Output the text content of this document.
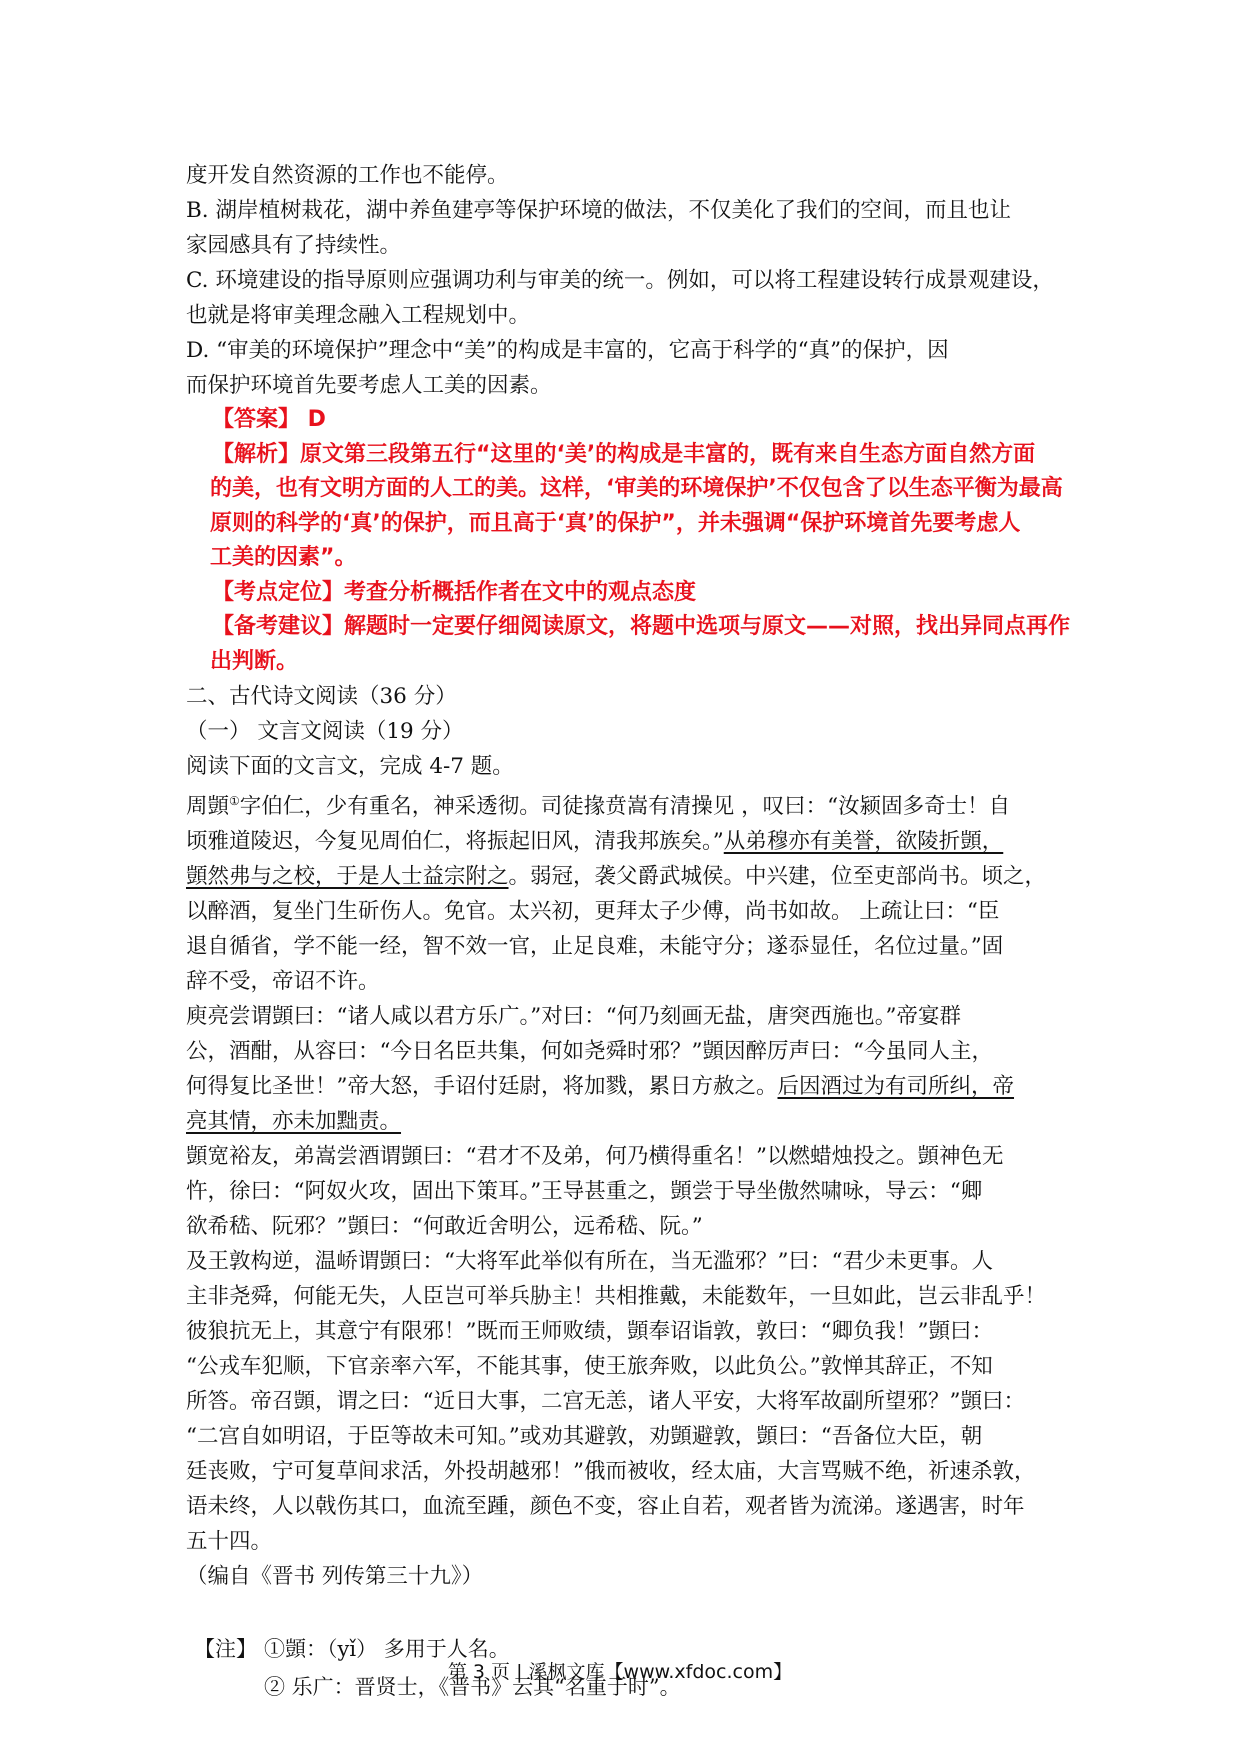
度开发自然资源的工作也不能停。

B. 湖岸植树栽花，湖中养鱼建亭等保护环境的做法，不仅美化了我们的空间，而且也让

家园感具有了持续性。

C. 环境建设的指导原则应强调功利与审美的统一。例如，可以将工程建设转行成景观建设，

也就是将审美理念融入工程规划中。

D. “审美的环境保护”理念中“美”的构成是丰富的，它高于科学的“真”的保护，因

而保护环境首先要考虑人工美的因素。

【答案】 D

【解析】原文第三段第五行“这里的‘美’的构成是丰富的，既有来自生态方面自然方面

的美，也有文明方面的人工的美。这样，‘审美的环境保护’不仅包含了以生态平衡为最高

原则的科学的‘真’的保护，而且高于‘真’的保护”，并未强调“保护环境首先要考虑人

工美的因素”。

【考点定位】考查分析概括作者在文中的观点态度

【备考建议】解题时一定要仔细阅读原文，将题中选项与原文——对照，找出异同点再作

出判断。

二、古代诗文阅读（36 分）

（一） 文言文阅读（19 分）

阅读下面的文言文，完成 4-7 题。

周顗①字伯仁，少有重名，神采透彻。司徒掾贲嵩有清操见 ，叹曰：“汝颍固多奇士！自

顷雅道陵迟，今复见周伯仁，将振起旧风，清我邦族矣。”从弟穆亦有美誉，欲陵折顗，

顗然弗与之校，于是人士益宗附之。弱冠，袭父爵武城侯。中兴建，位至吏部尚书。顷之，

以醉酒，复坐门生斫伤人。免官。太兴初，更拜太子少傅，尚书如故。 上疏让曰：“臣

退自循省，学不能一经，智不效一官，止足良难，未能守分；遂忝显任，名位过量。”固

辞不受，帝诏不许。

庾亮尝谓顗曰：“诸人咸以君方乐广。”对曰：“何乃刻画无盐，唐突西施也。”帝宴群

公，酒酣，从容曰：“今日名臣共集，何如尧舜时邪？”顗因醉厉声曰：“今虽同人主，

何得复比圣世！”帝大怒，手诏付廷尉，将加戮，累日方赦之。后因酒过为有司所纠，帝

亮其情，亦未加黜责。

顗宽裕友，弟嵩尝酒谓顗曰：“君才不及弟，何乃横得重名！”以燃蜡烛投之。顗神色无

忤，徐曰：“阿奴火攻，固出下策耳。”王导甚重之，顗尝于导坐傲然啸咏，导云：“卿

欲希嵇、阮邪？”顗曰：“何敢近舍明公，远希嵇、阮。”

及王敦构逆，温峤谓顗曰：“大将军此举似有所在，当无滥邪？”曰：“君少未更事。人

主非尧舜，何能无失，人臣岂可举兵胁主！共相推戴，未能数年，一旦如此，岂云非乱乎！

彼狼抗无上，其意宁有限邪！”既而王师败绩，顗奉诏诣敦，敦曰：“卿负我！”顗曰：

“公戎车犯顺，下官亲率六军，不能其事，使王旅奔败，以此负公。”敦惮其辞正，不知

所答。帝召顗，谓之曰：“近日大事，二宫无恙，诸人平安，大将军故副所望邪？”顗曰：

“二宫自如明诏，于臣等故未可知。”或劝其避敦，劝顗避敦，顗曰：“吾备位大臣，朝

廷丧败，宁可复草间求活，外投胡越邪！”俄而被收，经太庙，大言骂贼不绝，祈速杀敦，

语未终，人以戟伤其口，血流至踵，颜色不变，容止自若，观者皆为流涕。遂遇害，时年

五十四。

（编自《晋书 列传第三十九》）

【注】 ①顗：（yǐ） 多用于人名。

② 乐广：晋贤士，《晋书》云其“名重于时”。

第 3 页 | 溪枫文库【www.xfdoc.com】
